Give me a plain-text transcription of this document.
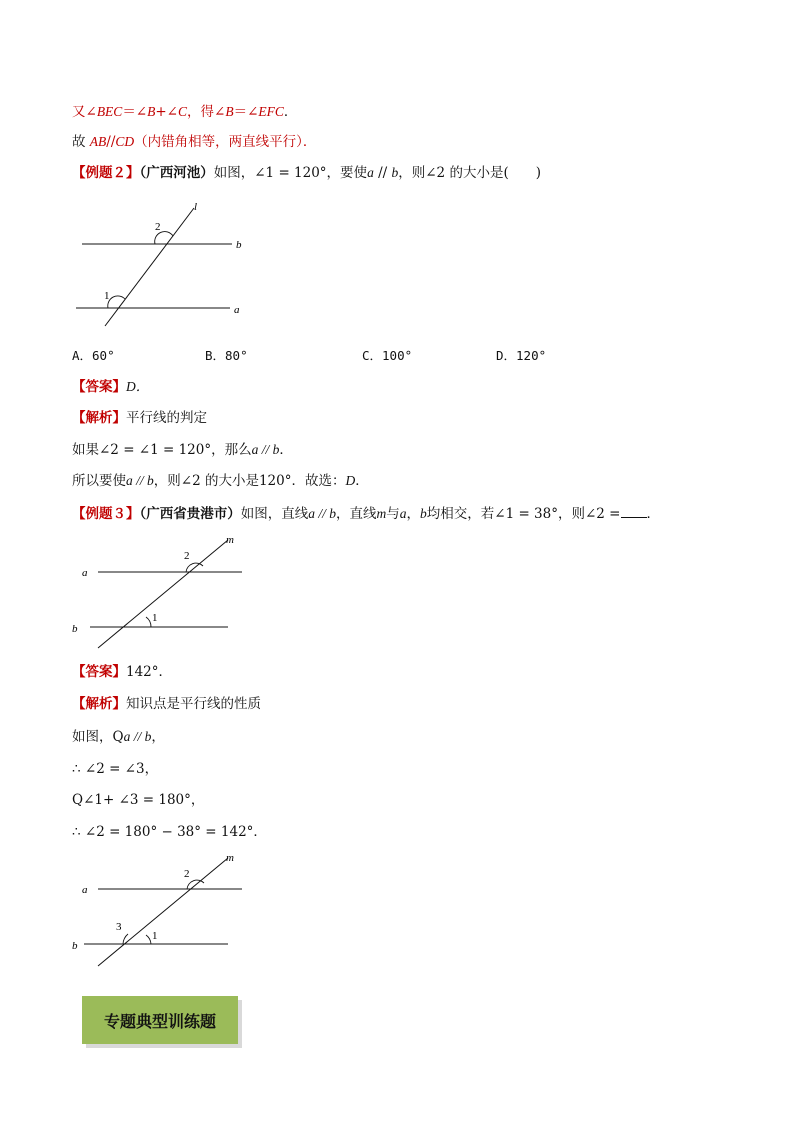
又∠BEC＝∠B+∠C，得∠B＝∠EFC．
故 AB//CD（内错角相等，两直线平行）．
【例题２】（广西河池）如图，∠1 = 120°，要使a // b，则∠2 的大小是(　　)
l
b
a
1
2
A．60°	B．80°	C．100°	D．120°
【答案】D．
【解析】平行线的判定
如果∠2 = ∠1 = 120°，那么a // b．
所以要使a // b，则∠2 的大小是120°．故选：D．
【例题３】（广西省贵港市）如图，直线a // b，直线m与a，b均相交，若∠1 = 38°，则∠2 = ．
m
a
b
2
1
【答案】142°．
【解析】知识点是平行线的性质
如图，Qa // b，
∴ ∠2 = ∠3，
Q∠1+ ∠3 = 180°，
∴ ∠2 = 180° − 38° = 142°．
m
a
b
2
1
3
专题典型训练题
